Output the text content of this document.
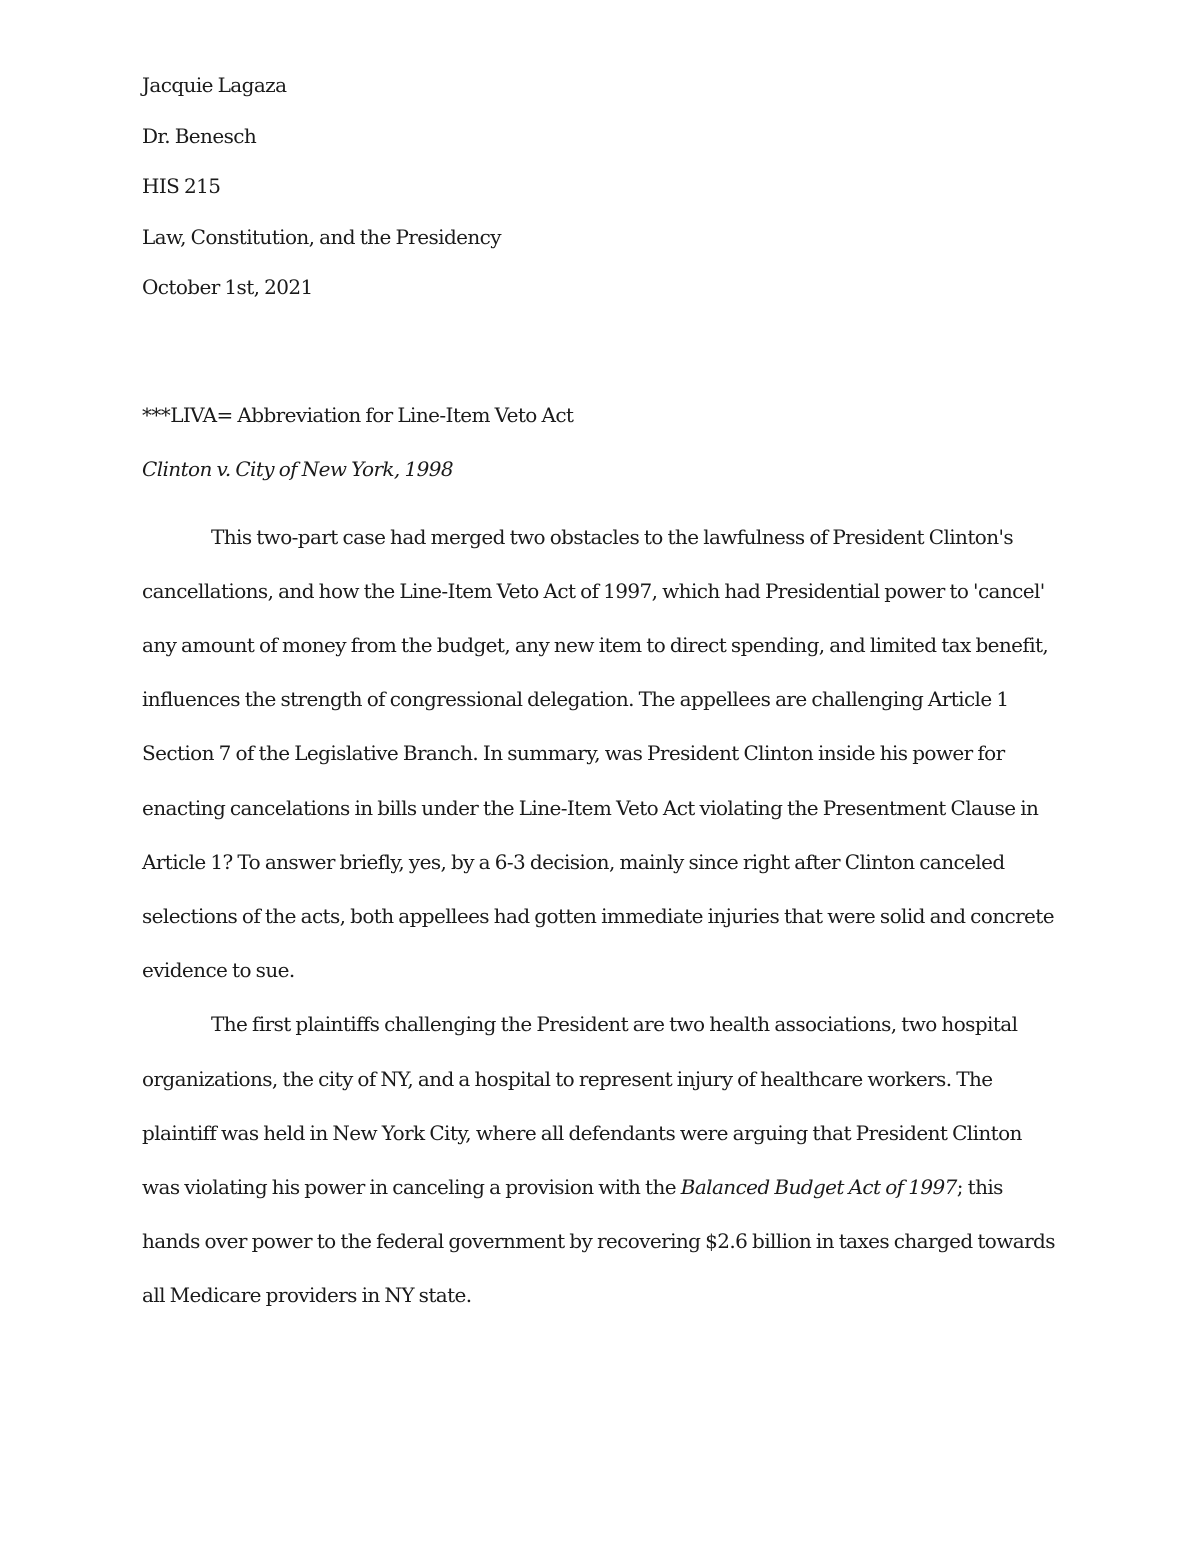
Jacquie Lagaza
Dr. Benesch
HIS 215
Law, Constitution, and the Presidency
October 1st, 2021
***LIVA= Abbreviation for Line-Item Veto Act
Clinton v. City of New York, 1998

This two-part case had merged two obstacles to the lawfulness of President Clinton's cancellations, and how the Line-Item Veto Act of 1997, which had Presidential power to 'cancel' any amount of money from the budget, any new item to direct spending, and limited tax benefit, influences the strength of congressional delegation. The appellees are challenging Article 1 Section 7 of the Legislative Branch. In summary, was President Clinton inside his power for enacting cancelations in bills under the Line-Item Veto Act violating the Presentment Clause in Article 1? To answer briefly, yes, by a 6-3 decision, mainly since right after Clinton canceled selections of the acts, both appellees had gotten immediate injuries that were solid and concrete evidence to sue.

The first plaintiffs challenging the President are two health associations, two hospital organizations, the city of NY, and a hospital to represent injury of healthcare workers. The plaintiff was held in New York City, where all defendants were arguing that President Clinton was violating his power in canceling a provision with the Balanced Budget Act of 1997; this hands over power to the federal government by recovering $2.6 billion in taxes charged towards all Medicare providers in NY state.
